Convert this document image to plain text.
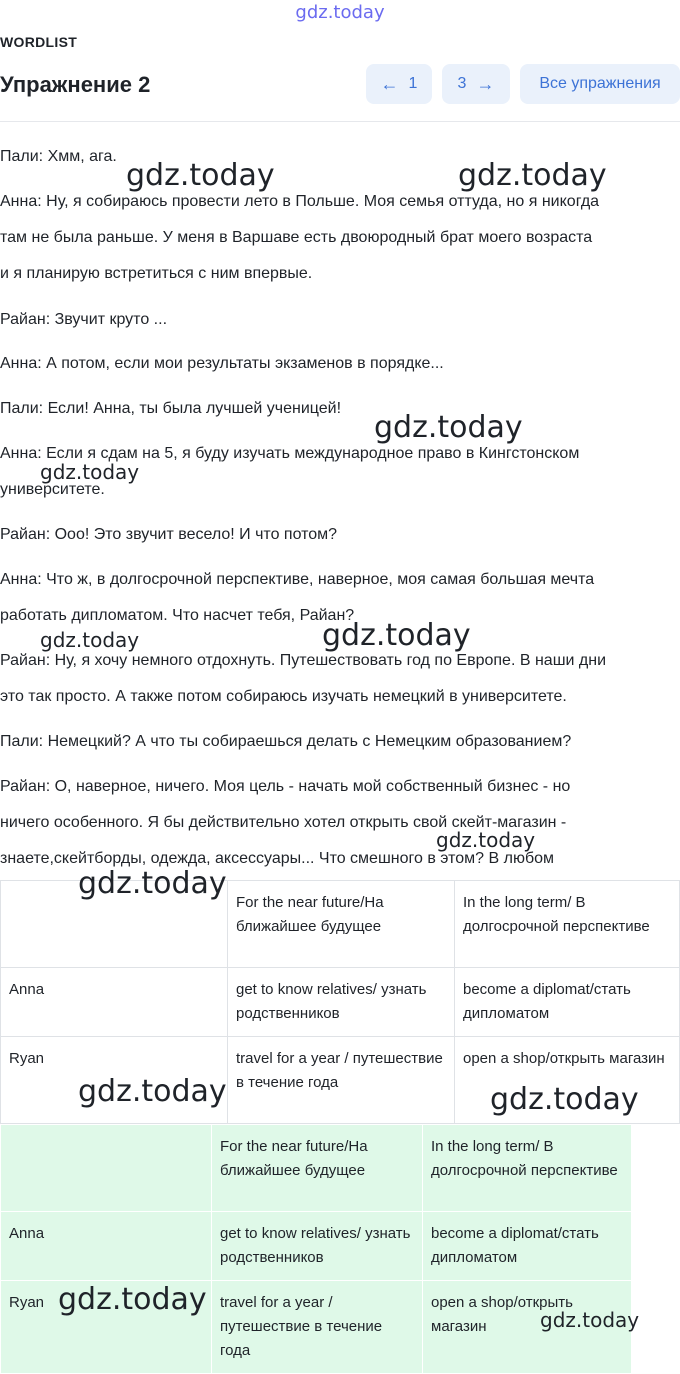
gdz.today
WORDLIST
Упражнение 2	← 1	3 →	Все упражнения

Пали: Хмм, ага.

Анна: Ну, я собираюсь провести лето в Польше. Моя семья оттуда, но я никогда

там не была раньше. У меня в Варшаве есть двоюродный брат моего возраста

и я планирую встретиться с ним впервые.

Райан: Звучит круто ...

Анна: А потом, если мои результаты экзаменов в порядке...

Пали: Если! Анна, ты была лучшей ученицей!

Анна: Если я сдам на 5, я буду изучать международное право в Кингстонском

университете.

Райан: Ооо! Это звучит весело! И что потом?

Анна: Что ж, в долгосрочной перспективе, наверное, моя самая большая мечта

работать дипломатом. Что насчет тебя, Райан?

Райан: Ну, я хочу немного отдохнуть. Путешествовать год по Европе. В наши дни

это так просто. А также потом собираюсь изучать немецкий в университете.

Пали: Немецкий? А что ты собираешься делать с Немецким образованием?

Райан: О, наверное, ничего. Моя цель - начать мой собственный бизнес - но

ничего особенного. Я бы действительно хотел открыть свой скейт-магазин -

знаете,скейтборды, одежда, аксессуары... Что смешного в этом? В любом

	For the near future/На ближайшее будущее	In the long term/ В долгосрочной перспективе
Anna	get to know relatives/ узнать родственников	become a diplomat/стать дипломатом
Ryan	travel for a year / путешествие в течение года	open a shop/открыть магазин
	For the near future/На ближайшее будущее	In the long term/ В долгосрочной перспективе
Anna	get to know relatives/ узнать родственников	become a diplomat/стать дипломатом
Ryan	travel for a year / путешествие в течение года	open a shop/открыть магазин
gdz.today	gdz.today
gdz.today
gdz.today
gdz.today	gdz.today
gdz.today
gdz.today
gdz.today	gdz.today
gdz.today
gdz.today
